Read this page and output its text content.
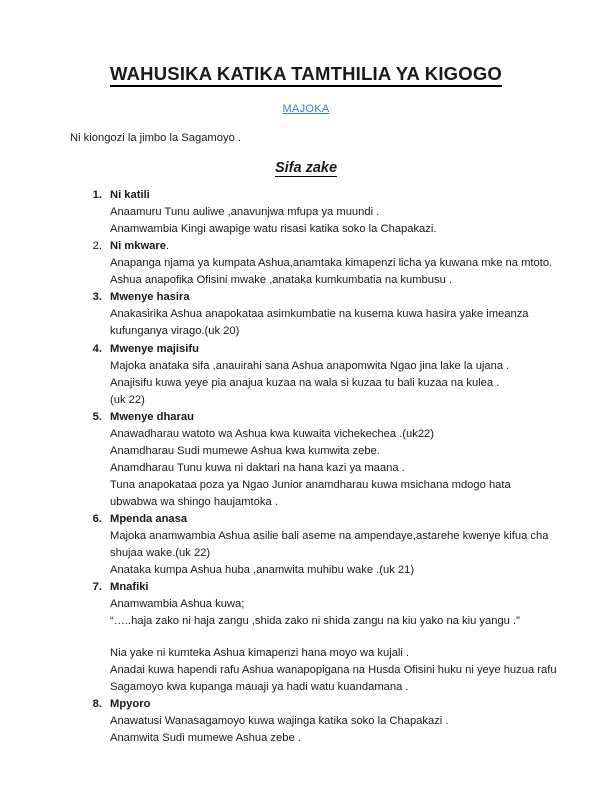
WAHUSIKA KATIKA TAMTHILIA YA KIGOGO
MAJOKA

Ni kiongozi la jimbo la Sagamoyo .

Sifa zake
1. Ni katili
Anaamuru Tunu auliwe ,anavunjwa mfupa ya muundi .
Anamwambia Kingi awapige watu risasi katika soko la Chapakazi.
2. Ni mkware.
Anapanga njama ya kumpata Ashua,anamtaka kimapenzi licha ya kuwana mke na mtoto.
Ashua anapofika Ofisini mwake ,anataka kumkumbatia na kumbusu .
3. Mwenye hasira
Anakasirika Ashua anapokataa asimkumbatie na kusema kuwa hasira yake imeanza kufunganya virago.(uk 20)
4. Mwenye majisifu
Majoka anataka sifa ,anauirahi sana Ashua anapomwita Ngao jina lake la ujana .
Anajisifu kuwa yeye pia anajua kuzaa na wala si kuzaa tu bali kuzaa na kulea .
(uk 22)
5. Mwenye dharau
Anawadharau watoto wa Ashua kwa kuwaita vichekechea .(uk22)
Anamdharau Sudi mumewe Ashua kwa kumwita zebe.
Anamdharau Tunu kuwa ni daktari na hana kazi ya maana .
Tuna anapokataa poza ya Ngao Junior anamdharau kuwa msichana mdogo hata ubwabwa wa shingo haujamtoka .
6. Mpenda anasa
Majoka anamwambia Ashua asilie bali aseme na ampendaye,astarehe kwenye kifua cha shujaa wake.(uk 22)
Anataka kumpa Ashua huba ,anamwita muhibu wake .(uk 21)
7. Mnafiki
Anamwambia Ashua kuwa;
“…..haja zako ni haja zangu ,shida zako ni shida zangu na kiu yako na kiu yangu .”
Nia yake ni kumteka Ashua kimapenzi hana moyo wa kujali .
Anadai kuwa hapendi rafu Ashua wanapopigana na Husda Ofisini huku ni yeye huzua rafu Sagamoyo kwa kupanga mauaji ya hadi watu kuandamana .
8. Mpyoro
Anawatusi Wanasagamoyo kuwa wajinga katika soko la Chapakazi .
Anamwita Sudi mumewe Ashua zebe .
